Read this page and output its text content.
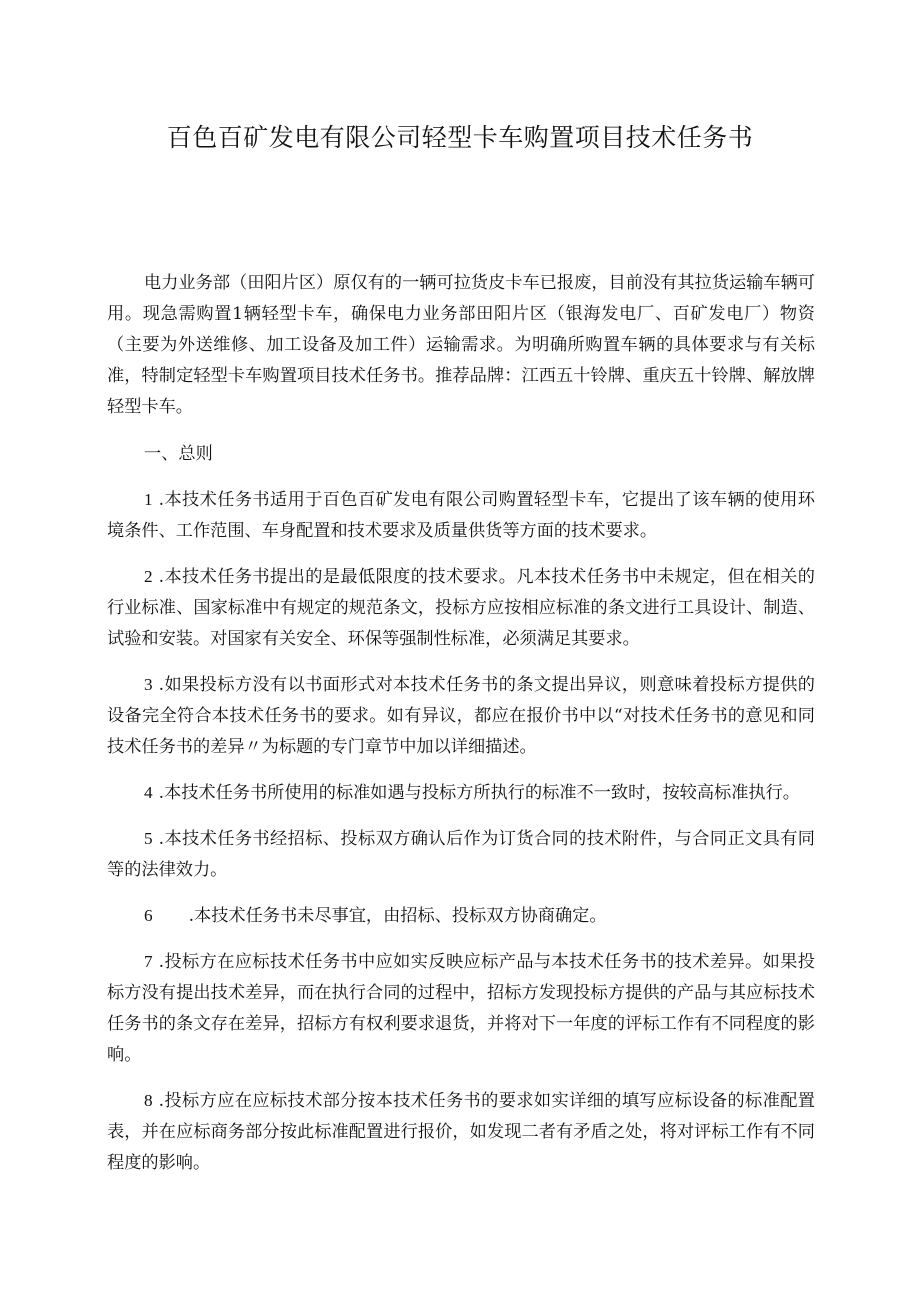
百色百矿发电有限公司轻型卡车购置项目技术任务书

电力业务部（田阳片区）原仅有的一辆可拉货皮卡车已报废，目前没有其拉货运输车辆可用。现急需购置1辆轻型卡车，确保电力业务部田阳片区（银海发电厂、百矿发电厂）物资（主要为外送维修、加工设备及加工件）运输需求。为明确所购置车辆的具体要求与有关标准，特制定轻型卡车购置项目技术任务书。推荐品牌：江西五十铃牌、重庆五十铃牌、解放牌轻型卡车。

一、总则

1 .本技术任务书适用于百色百矿发电有限公司购置轻型卡车，它提出了该车辆的使用环境条件、工作范围、车身配置和技术要求及质量供货等方面的技术要求。

2 .本技术任务书提出的是最低限度的技术要求。凡本技术任务书中未规定，但在相关的行业标准、国家标准中有规定的规范条文，投标方应按相应标准的条文进行工具设计、制造、试验和安装。对国家有关安全、环保等强制性标准，必须满足其要求。

3 .如果投标方没有以书面形式对本技术任务书的条文提出异议，则意味着投标方提供的设备完全符合本技术任务书的要求。如有异议，都应在报价书中以“对技术任务书的意见和同技术任务书的差异〃为标题的专门章节中加以详细描述。

4 .本技术任务书所使用的标准如遇与投标方所执行的标准不一致时，按较高标准执行。

5 .本技术任务书经招标、投标双方确认后作为订货合同的技术附件，与合同正文具有同等的法律效力。

6 .本技术任务书未尽事宜，由招标、投标双方协商确定。

7 .投标方在应标技术任务书中应如实反映应标产品与本技术任务书的技术差异。如果投标方没有提出技术差异，而在执行合同的过程中，招标方发现投标方提供的产品与其应标技术任务书的条文存在差异，招标方有权利要求退货，并将对下一年度的评标工作有不同程度的影响。

8 .投标方应在应标技术部分按本技术任务书的要求如实详细的填写应标设备的标准配置表，并在应标商务部分按此标准配置进行报价，如发现二者有矛盾之处，将对评标工作有不同程度的影响。
